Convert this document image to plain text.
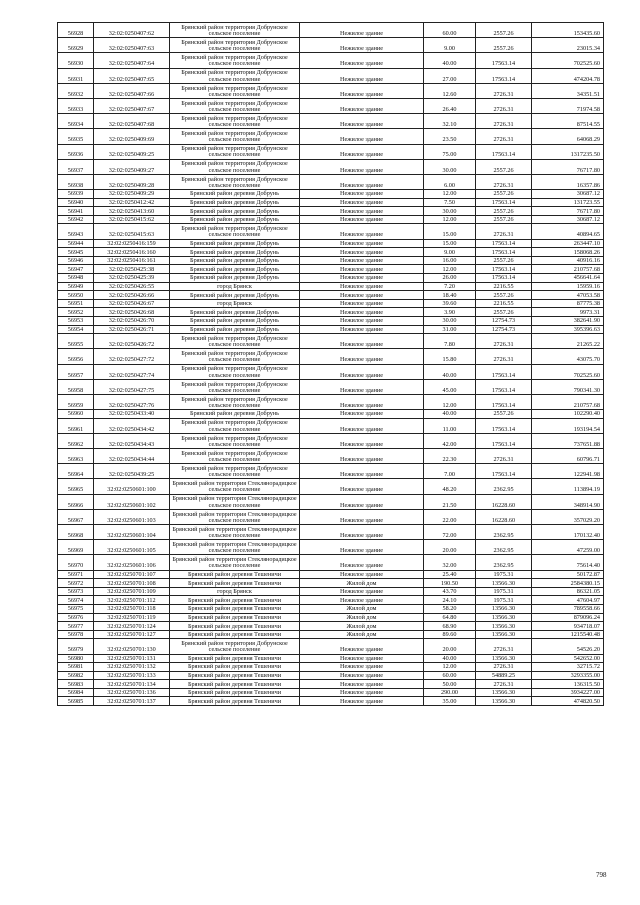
56928	32:02:0250407:62	Брянский район территория Добрунское сельское поселение	Нежилое здание	60.00	2557.26	153435.60
56929	32:02:0250407:63	Брянский район территория Добрунское сельское поселение	Нежилое здание	9.00	2557.26	23015.34
56930	32:02:0250407:64	Брянский район территория Добрунское сельское поселение	Нежилое здание	40.00	17563.14	702525.60
56931	32:02:0250407:65	Брянский район территория Добрунское сельское поселение	Нежилое здание	27.00	17563.14	474204.78
56932	32:02:0250407:66	Брянский район территория Добрунское сельское поселение	Нежилое здание	12.60	2726.31	34351.51
56933	32:02:0250407:67	Брянский район территория Добрунское сельское поселение	Нежилое здание	26.40	2726.31	71974.58
56934	32:02:0250407:68	Брянский район территория Добрунское сельское поселение	Нежилое здание	32.10	2726.31	87514.55
56935	32:02:0250409:69	Брянский район территория Добрунское сельское поселение	Нежилое здание	23.50	2726.31	64068.29
56936	32:02:0250409:25	Брянский район территория Добрунское сельское поселение	Нежилое здание	75.00	17563.14	1317235.50
56937	32:02:0250409:27	Брянский район территория Добрунское сельское поселение	Нежилое здание	30.00	2557.26	76717.80
56938	32:02:0250409:28	Брянский район территория Добрунское сельское поселение	Нежилое здание	6.00	2726.31	16357.86
56939	32:02:0250409:29	Брянский район деревня Добрунь	Нежилое здание	12.00	2557.26	30687.12
56940	32:02:0250412:42	Брянский район деревня Добрунь	Нежилое здание	7.50	17563.14	131723.55
56941	32:02:0250413:60	Брянский район деревня Добрунь	Нежилое здание	30.00	2557.26	76717.80
56942	32:02:0250415:62	Брянский район деревня Добрунь	Нежилое здание	12.00	2557.26	30687.12
56943	32:02:0250415:63	Брянский район территория Добрунское сельское поселение	Нежилое здание	15.00	2726.31	40894.65
56944	32:02:0250416:159	Брянский район деревня Добрунь	Нежилое здание	15.00	17563.14	263447.10
56945	32:02:0250416:160	Брянский район деревня Добрунь	Нежилое здание	9.00	17563.14	158068.26
56946	32:02:0250416:161	Брянский район деревня Добрунь	Нежилое здание	16.00	2557.26	40916.16
56947	32:02:0250425:38	Брянский район деревня Добрунь	Нежилое здание	12.00	17563.14	210757.68
56948	32:02:0250425:39	Брянский район деревня Добрунь	Нежилое здание	26.00	17563.14	456641.64
56949	32:02:0250426:55	город Брянск	Нежилое здание	7.20	2216.55	15959.16
56950	32:02:0250426:66	Брянский район деревня Добрунь	Нежилое здание	18.40	2557.26	47053.58
56951	32:02:0250426:67	город Брянск	Нежилое здание	39.60	2216.55	87775.38
56952	32:02:0250426:68	Брянский район деревня Добрунь	Нежилое здание	3.90	2557.26	9973.31
56953	32:02:0250426:70	Брянский район деревня Добрунь	Нежилое здание	30.00	12754.73	382641.90
56954	32:02:0250426:71	Брянский район деревня Добрунь	Нежилое здание	31.00	12754.73	395396.63
56955	32:02:0250426:72	Брянский район территория Добрунское сельское поселение	Нежилое здание	7.80	2726.31	21265.22
56956	32:02:0250427:72	Брянский район территория Добрунское сельское поселение	Нежилое здание	15.80	2726.31	43075.70
56957	32:02:0250427:74	Брянский район территория Добрунское сельское поселение	Нежилое здание	40.00	17563.14	702525.60
56958	32:02:0250427:75	Брянский район территория Добрунское сельское поселение	Нежилое здание	45.00	17563.14	790341.30
56959	32:02:0250427:76	Брянский район территория Добрунское сельское поселение	Нежилое здание	12.00	17563.14	210757.68
56960	32:02:0250433:40	Брянский район деревня Добрунь	Нежилое здание	40.00	2557.26	102290.40
56961	32:02:0250434:42	Брянский район территория Добрунское сельское поселение	Нежилое здание	11.00	17563.14	193194.54
56962	32:02:0250434:43	Брянский район территория Добрунское сельское поселение	Нежилое здание	42.00	17563.14	737651.88
56963	32:02:0250434:44	Брянский район территория Добрунское сельское поселение	Нежилое здание	22.30	2726.31	60796.71
56964	32:02:0250439:25	Брянский район территория Добрунское сельское поселение	Нежилое здание	7.00	17563.14	122941.98
56965	32:02:0250601:100	Брянский район территория Стеклянорадицкое сельское поселение	Нежилое здание	48.20	2362.95	113894.19
56966	32:02:0250601:102	Брянский район территория Стеклянорадицкое сельское поселение	Нежилое здание	21.50	16228.60	348914.90
56967	32:02:0250601:103	Брянский район территория Стеклянорадицкое сельское поселение	Нежилое здание	22.00	16228.60	357029.20
56968	32:02:0250601:104	Брянский район территория Стеклянорадицкое сельское поселение	Нежилое здание	72.00	2362.95	170132.40
56969	32:02:0250601:105	Брянский район территория Стеклянорадицкое сельское поселение	Нежилое здание	20.00	2362.95	47259.00
56970	32:02:0250601:106	Брянский район территория Стеклянорадицкое сельское поселение	Нежилое здание	32.00	2362.95	75614.40
56971	32:02:0250701:107	Брянский район деревня Тешеничи	Нежилое здание	25.40	1975.31	50172.87
56972	32:02:0250701:108	Брянский район деревня Тешеничи	Жилой дом	190.50	13566.30	2584380.15
56973	32:02:0250701:109	город Брянск	Нежилое здание	43.70	1975.31	86321.05
56974	32:02:0250701:112	Брянский район деревня Тешеничи	Нежилое здание	24.10	1975.31	47604.97
56975	32:02:0250701:118	Брянский район деревня Тешеничи	Жилой дом	58.20	13566.30	789558.66
56976	32:02:0250701:119	Брянский район деревня Тешеничи	Жилой дом	64.80	13566.30	879096.24
56977	32:02:0250701:124	Брянский район деревня Тешеничи	Жилой дом	68.90	13566.30	934718.07
56978	32:02:0250701:127	Брянский район деревня Тешеничи	Жилой дом	89.60	13566.30	1215540.48
56979	32:02:0250701:130	Брянский район территория Добрунское сельское поселение	Нежилое здание	20.00	2726.31	54526.20
56980	32:02:0250701:131	Брянский район деревня Тешеничи	Нежилое здание	40.00	13566.30	542652.00
56981	32:02:0250701:132	Брянский район деревня Тешеничи	Нежилое здание	12.00	2726.31	32715.72
56982	32:02:0250701:133	Брянский район деревня Тешеничи	Нежилое здание	60.00	54889.25	3293355.00
56983	32:02:0250701:134	Брянский район деревня Тешеничи	Нежилое здание	50.00	2726.31	136315.50
56984	32:02:0250701:136	Брянский район деревня Тешеничи	Нежилое здание	290.00	13566.30	3934227.00
56985	32:02:0250701:137	Брянский район деревня Тешеничи	Нежилое здание	35.00	13566.30	474820.50
798
